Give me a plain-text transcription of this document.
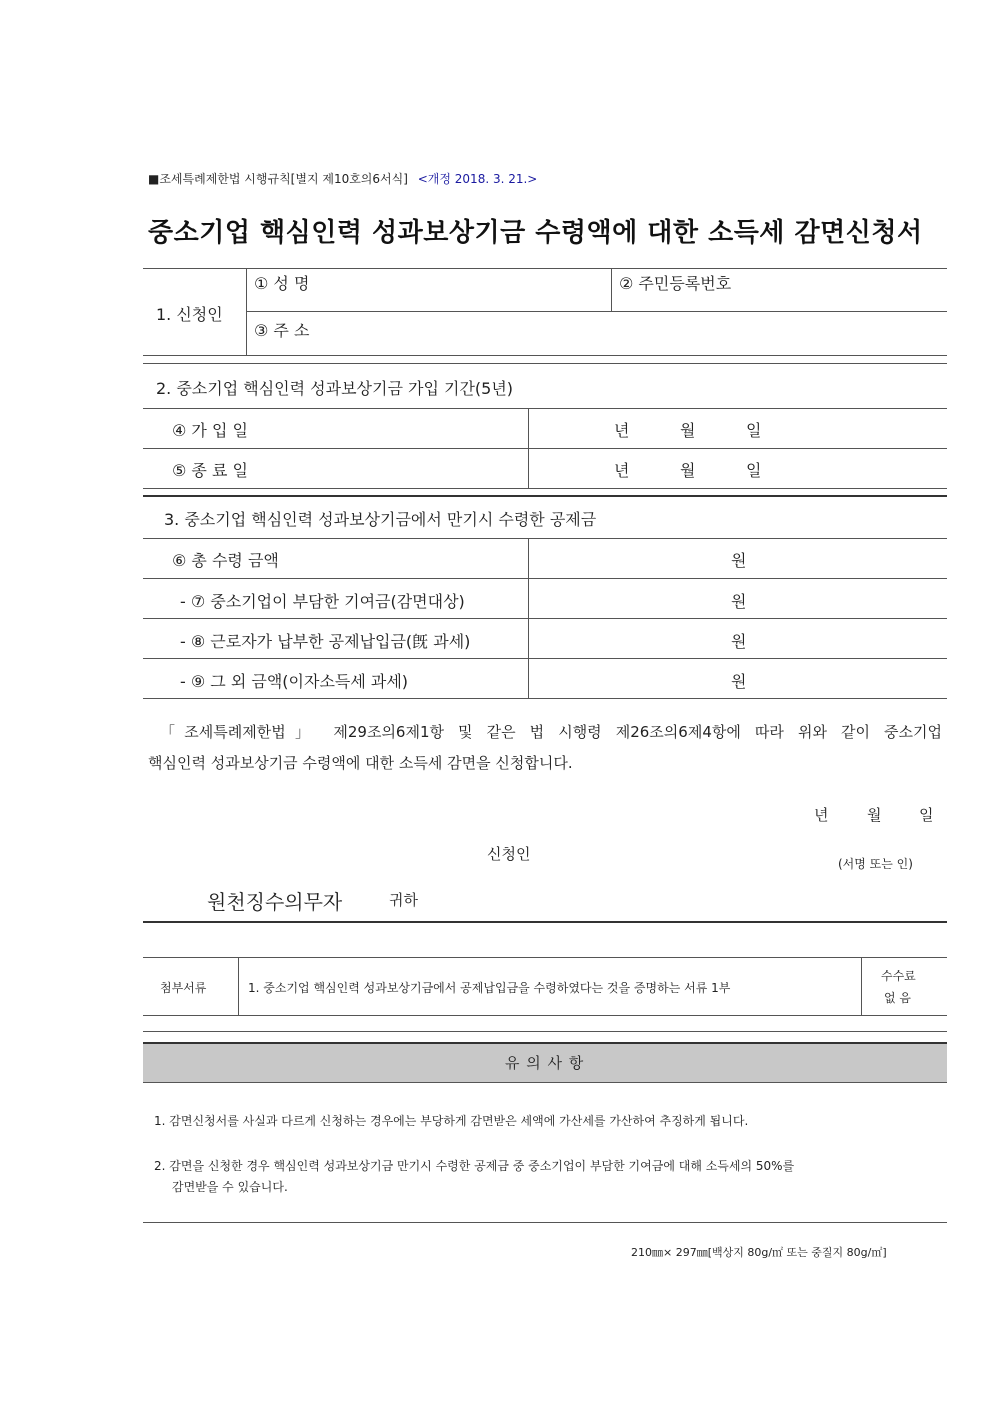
■조세특례제한법 시행규칙[별지 제10호의6서식] <개정 2018. 3. 21.>
중소기업 핵심인력 성과보상기금 수령액에 대한 소득세 감면신청서
1. 신청인
① 성 명	② 주민등록번호
③ 주 소
2. 중소기업 핵심인력 성과보상기금 가입 기간(5년)
④ 가 입 일	년	월	일
⑤ 종 료 일	년	월	일
3. 중소기업 핵심인력 성과보상기금에서 만기시 수령한 공제금
⑥ 총 수령 금액	원
- ⑦ 중소기업이 부담한 기여금(감면대상)	원
- ⑧ 근로자가 납부한 공제납입금(旣 과세)	원
- ⑨ 그 외 금액(이자소득세 과세)	원
「조세특례제한법」 제29조의6제1항 및 같은 법 시행령 제26조의6제4항에 따라 위와 같이 중소기업
핵심인력 성과보상기금 수령액에 대한 소득세 감면을 신청합니다.
년	월	일
신청인
(서명 또는 인)
원천징수의무자	귀하
첨부서류	1. 중소기업 핵심인력 성과보상기금에서 공제납입금을 수령하였다는 것을 증명하는 서류 1부
수수료
없 음
유 의 사 항
1. 감면신청서를 사실과 다르게 신청하는 경우에는 부당하게 감면받은 세액에 가산세를 가산하여 추징하게 됩니다.
2. 감면을 신청한 경우 핵심인력 성과보상기금 만기시 수령한 공제금 중 중소기업이 부담한 기여금에 대해 소득세의 50%를
감면받을 수 있습니다.
210㎜× 297㎜[백상지 80g/㎡ 또는 중질지 80g/㎡]
